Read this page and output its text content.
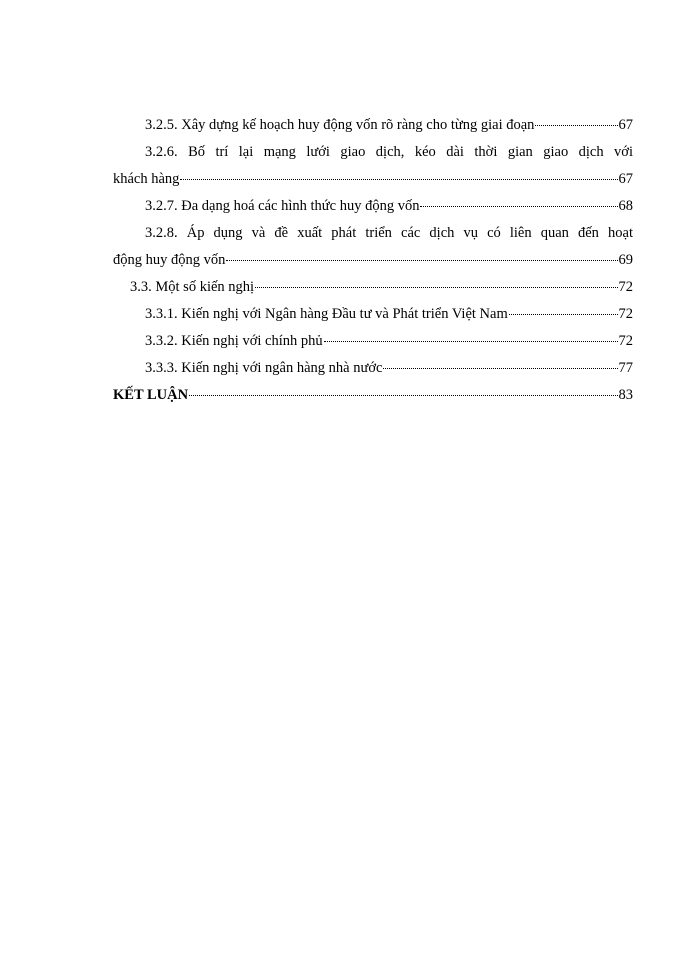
3.2.5. Xây dựng kế hoạch huy động vốn rõ ràng cho từng giai đoạn	67
3.2.6. Bố trí lại mạng lưới giao dịch, kéo dài thời gian giao dịch với
khách hàng	67
3.2.7. Đa dạng hoá các hình thức huy động vốn	68
3.2.8. Áp dụng và đề xuất phát triển các dịch vụ có liên quan đến hoạt
động huy động vốn	69
3.3. Một số kiến nghị	72
3.3.1. Kiến nghị với Ngân hàng Đầu tư và Phát triển Việt Nam	72
3.3.2. Kiến nghị với chính phủ	72
3.3.3. Kiến nghị với ngân hàng nhà nước	77
KẾT LUẬN	83
